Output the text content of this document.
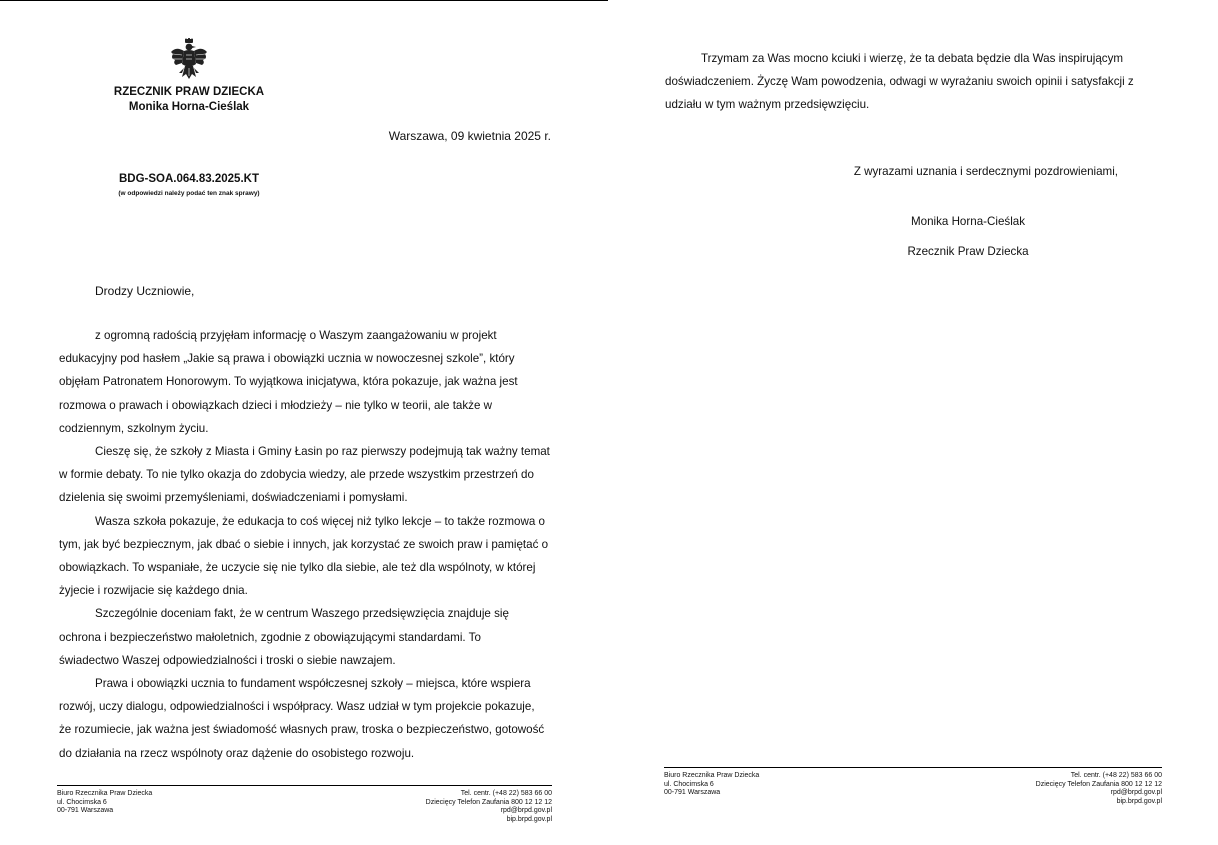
RZECZNIK PRAW DZIECKA
Monika Horna-Cieślak
Warszawa, 09 kwietnia 2025 r.
BDG-SOA.064.83.2025.KT
(w odpowiedzi należy podać ten znak sprawy)
Drodzy Uczniowie,

z ogromną radością przyjęłam informację o Waszym zaangażowaniu w projekt

edukacyjny pod hasłem „Jakie są prawa i obowiązki ucznia w nowoczesnej szkole”, który

objęłam Patronatem Honorowym. To wyjątkowa inicjatywa, która pokazuje, jak ważna jest

rozmowa o prawach i obowiązkach dzieci i młodzieży – nie tylko w teorii, ale także w

codziennym, szkolnym życiu.

Cieszę się, że szkoły z Miasta i Gminy Łasin po raz pierwszy podejmują tak ważny temat

w formie debaty. To nie tylko okazja do zdobycia wiedzy, ale przede wszystkim przestrzeń do

dzielenia się swoimi przemyśleniami, doświadczeniami i pomysłami.

Wasza szkoła pokazuje, że edukacja to coś więcej niż tylko lekcje – to także rozmowa o

tym, jak być bezpiecznym, jak dbać o siebie i innych, jak korzystać ze swoich praw i pamiętać o

obowiązkach. To wspaniałe, że uczycie się nie tylko dla siebie, ale też dla wspólnoty, w której

żyjecie i rozwijacie się każdego dnia.

Szczególnie doceniam fakt, że w centrum Waszego przedsięwzięcia znajduje się

ochrona i bezpieczeństwo małoletnich, zgodnie z obowiązującymi standardami. To

świadectwo Waszej odpowiedzialności i troski o siebie nawzajem.

Prawa i obowiązki ucznia to fundament współczesnej szkoły – miejsca, które wspiera

rozwój, uczy dialogu, odpowiedzialności i współpracy. Wasz udział w tym projekcie pokazuje,

że rozumiecie, jak ważna jest świadomość własnych praw, troska o bezpieczeństwo, gotowość

do działania na rzecz wspólnoty oraz dążenie do osobistego rozwoju.

Biuro Rzecznika Praw Dziecka
ul. Chocimska 6
00-791 Warszawa
Tel. centr. (+48 22) 583 66 00
Dziecięcy Telefon Zaufania 800 12 12 12
rpd@brpd.gov.pl
bip.brpd.gov.pl

Trzymam za Was mocno kciuki i wierzę, że ta debata będzie dla Was inspirującym

doświadczeniem. Życzę Wam powodzenia, odwagi w wyrażaniu swoich opinii i satysfakcji z

udziału w tym ważnym przedsięwzięciu.

Z wyrazami uznania i serdecznymi pozdrowieniami,
Monika Horna-Cieślak
Rzecznik Praw Dziecka
Biuro Rzecznika Praw Dziecka
ul. Chocimska 6
00-791 Warszawa
Tel. centr. (+48 22) 583 66 00
Dziecięcy Telefon Zaufania 800 12 12 12
rpd@brpd.gov.pl
bip.brpd.gov.pl
